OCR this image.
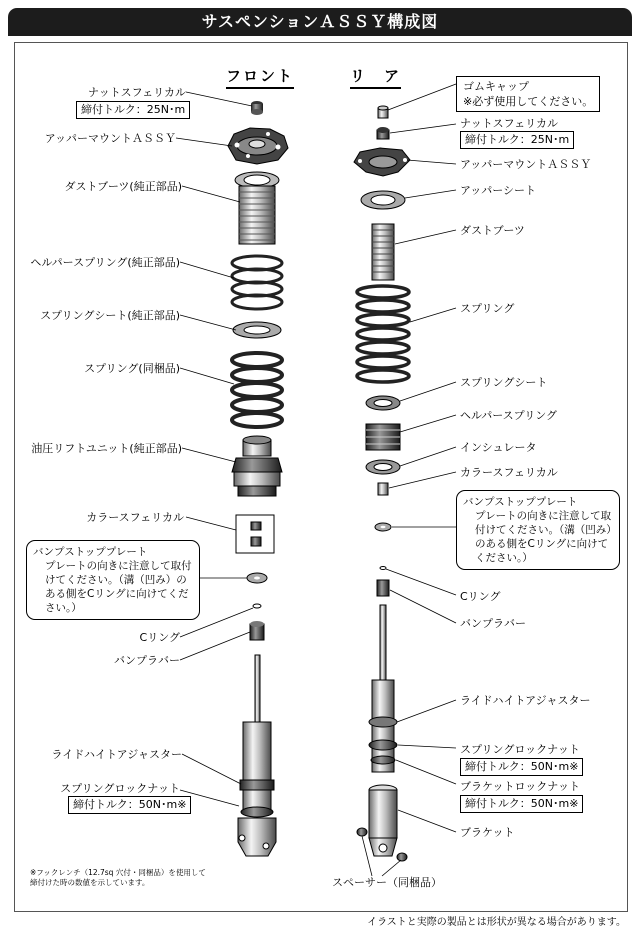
サスペンションＡＳＳＹ構成図
フロント	リ　ア
ナットスフェリカル
締付トルク：25N･m
アッパーマウントＡＳＳＹ
ダストブーツ(純正部品)
ヘルパースプリング(純正部品)
スプリングシート(純正部品)
スプリング(同梱品)
油圧リフトユニット(純正部品)
カラースフェリカル
バンプストッププレート
プレートの向きに注意して取付けてください。（溝（凹み）のある側をCリングに向けてください。）
Cリング
バンプラバー
ライドハイトアジャスター
スプリングロックナット
締付トルク：50N･m※
※フックレンチ（12.7sq 穴付・同梱品）を使用して締付けた時の数値を示しています。
ゴムキャップ
※必ず使用してください。
ナットスフェリカル
締付トルク：25N･m
アッパーマウントＡＳＳＹ
アッパーシート
ダストブーツ
スプリング
スプリングシート
ヘルパースプリング
インシュレータ
カラースフェリカル
バンプストッププレート
プレートの向きに注意して取付けてください。（溝（凹み）のある側をCリングに向けてください。）
Cリング
バンプラバー
ライドハイトアジャスター
スプリングロックナット
締付トルク：50N･m※
ブラケットロックナット
締付トルク：50N･m※
ブラケット
スペーサー（同梱品）
イラストと実際の製品とは形状が異なる場合があります。
